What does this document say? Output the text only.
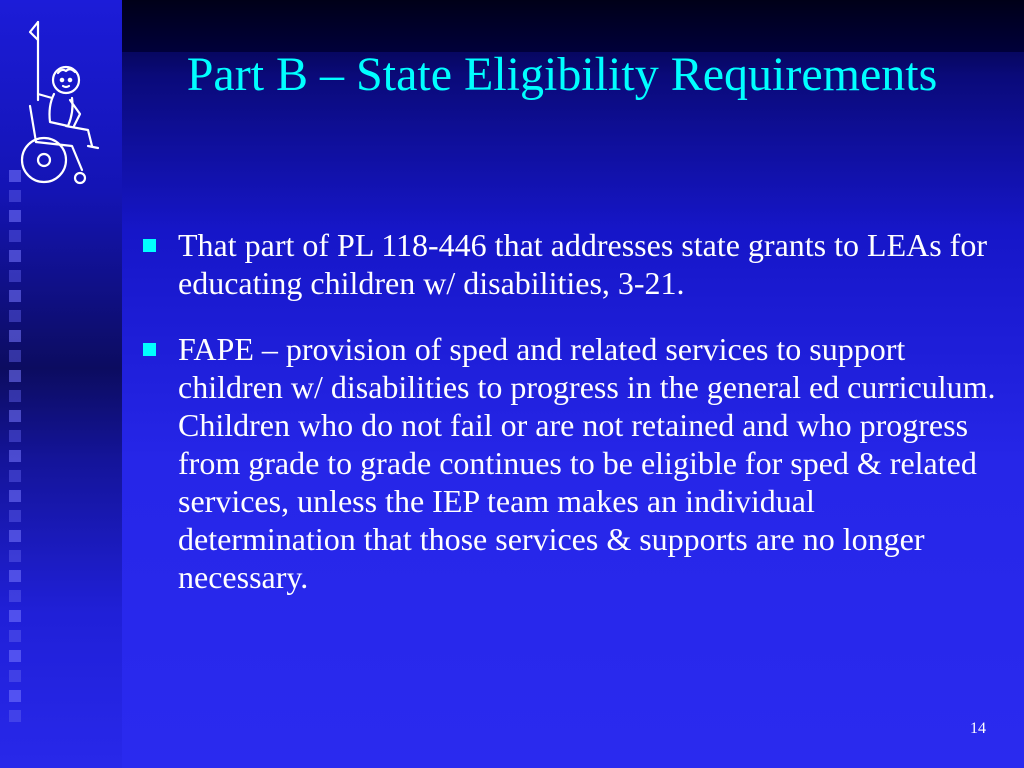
Part B – State Eligibility Requirements
That part of PL 118-446 that addresses state grants to LEAs for educating children w/ disabilities, 3-21.
FAPE – provision of sped and related services to support children w/ disabilities to progress in the general ed curriculum. Children who do not fail or are not retained and who progress from grade to grade continues to be eligible for sped & related services, unless the IEP team makes an individual determination that those services & supports are no longer necessary.
14
